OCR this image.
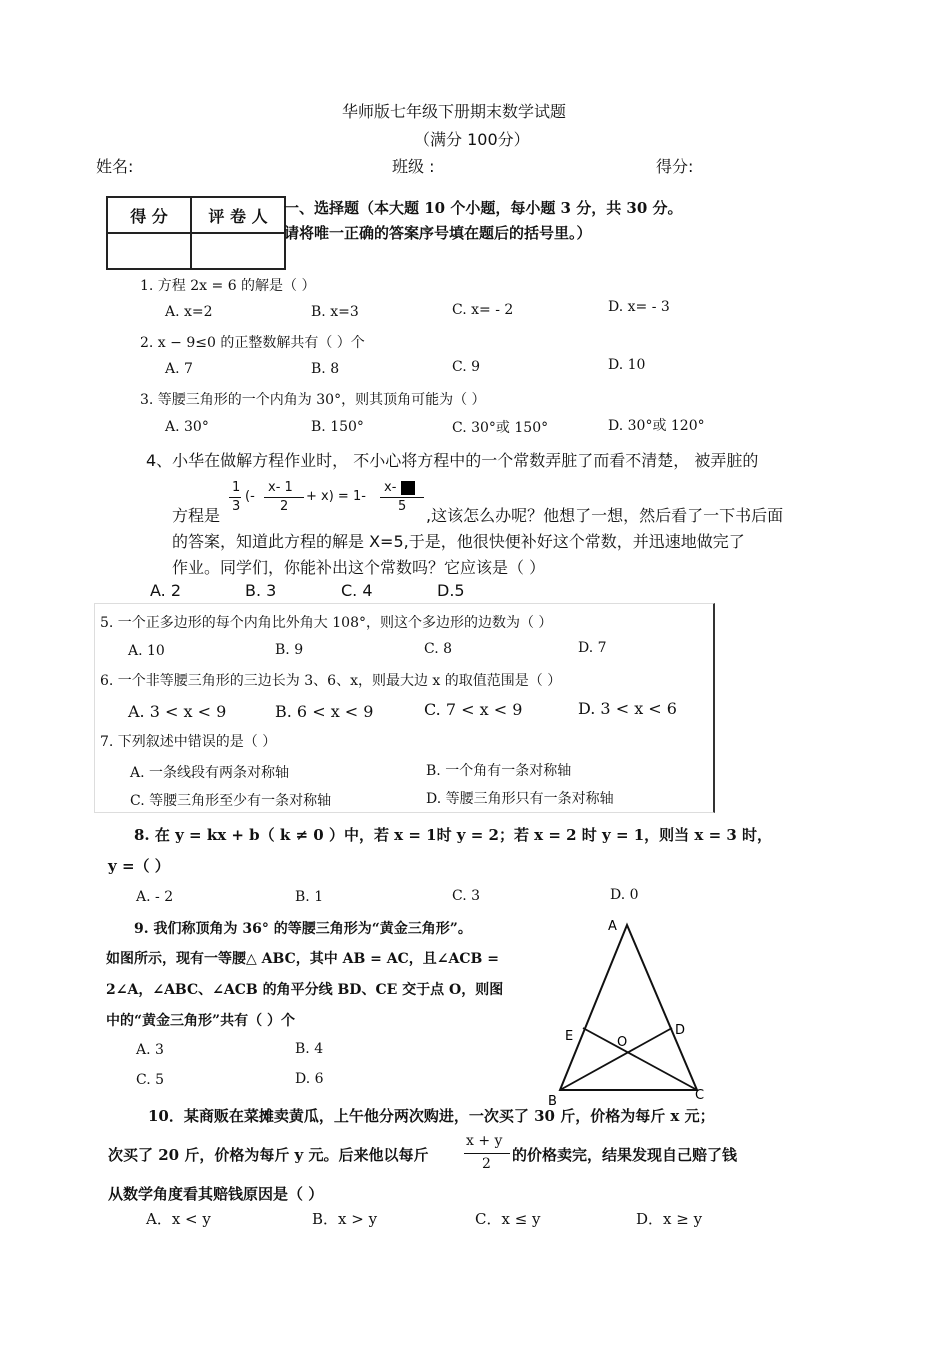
华师版七年级下册期末数学试题
（满分 100分）
姓名:	班级 :	得分:
得 分	评 卷 人
	一、选择题（本大题 10 个小题，每小题 3 分，共 30 分。
请将唯一正确的答案序号填在题后的括号里。）
1. 方程 2x = 6 的解是（ ）
A. x=2	B. x=3	C. x= - 2	D. x= - 3
2. x − 9≤0 的正整数解共有（ ）个
A. 7	B. 8	C. 9	D. 10
3. 等腰三角形的一个内角为 30°，则其顶角可能为（ ）
A. 30°	B. 150°	C. 30°或 150°	D. 30°或 120°
4、小华在做解方程作业时， 不小心将方程中的一个常数弄脏了而看不清楚， 被弄脏的
方程是
1
3
(-
x- 1
2
+ x) = 1-
x-
5 ,这该怎么办呢？他想了一想，然后看了一下书后面
的答案，知道此方程的解是 X=5,于是，他很快便补好这个常数，并迅速地做完了
作业。同学们，你能补出这个常数吗？它应该是（ ）
A. 2	B. 3	C. 4	D.5
5. 一个正多边形的每个内角比外角大 108°，则这个多边形的边数为（ ）
A. 10	B. 9	C. 8	D. 7
6. 一个非等腰三角形的三边长为 3、6、x，则最大边 x 的取值范围是（ ）
A. 3 < x < 9	B. 6 < x < 9	C. 7 < x < 9	D. 3 < x < 6
7. 下列叙述中错误的是（ ）
A. 一条线段有两条对称轴	B. 一个角有一条对称轴
C. 等腰三角形至少有一条对称轴	D. 等腰三角形只有一条对称轴
8. 在 y = kx + b（ k ≠ 0 ）中，若 x = 1时 y = 2；若 x = 2 时 y = 1，则当 x = 3 时，
y =（ ）
A. - 2	B. 1	C. 3	D. 0
9. 我们称顶角为 36° 的等腰三角形为“黄金三角形”。
如图所示，现有一等腰△ ABC，其中 AB = AC，且∠ACB =
2∠A，∠ABC、∠ACB 的角平分线 BD、CE 交于点 O，则图
中的“黄金三角形”共有（ ）个
A. 3	B. 4
C. 5	D. 6
A
B	C
D
E	O
10．某商贩在菜摊卖黄瓜，上午他分两次购进，一次买了 30 斤，价格为每斤 x 元；
次买了 20 斤，价格为每斤 y 元。后来他以每斤
x + y
2 的价格卖完，结果发现自己赔了钱
从数学角度看其赔钱原因是（ ）
A．x < y	B．x > y	C．x ≤ y	D．x ≥ y
